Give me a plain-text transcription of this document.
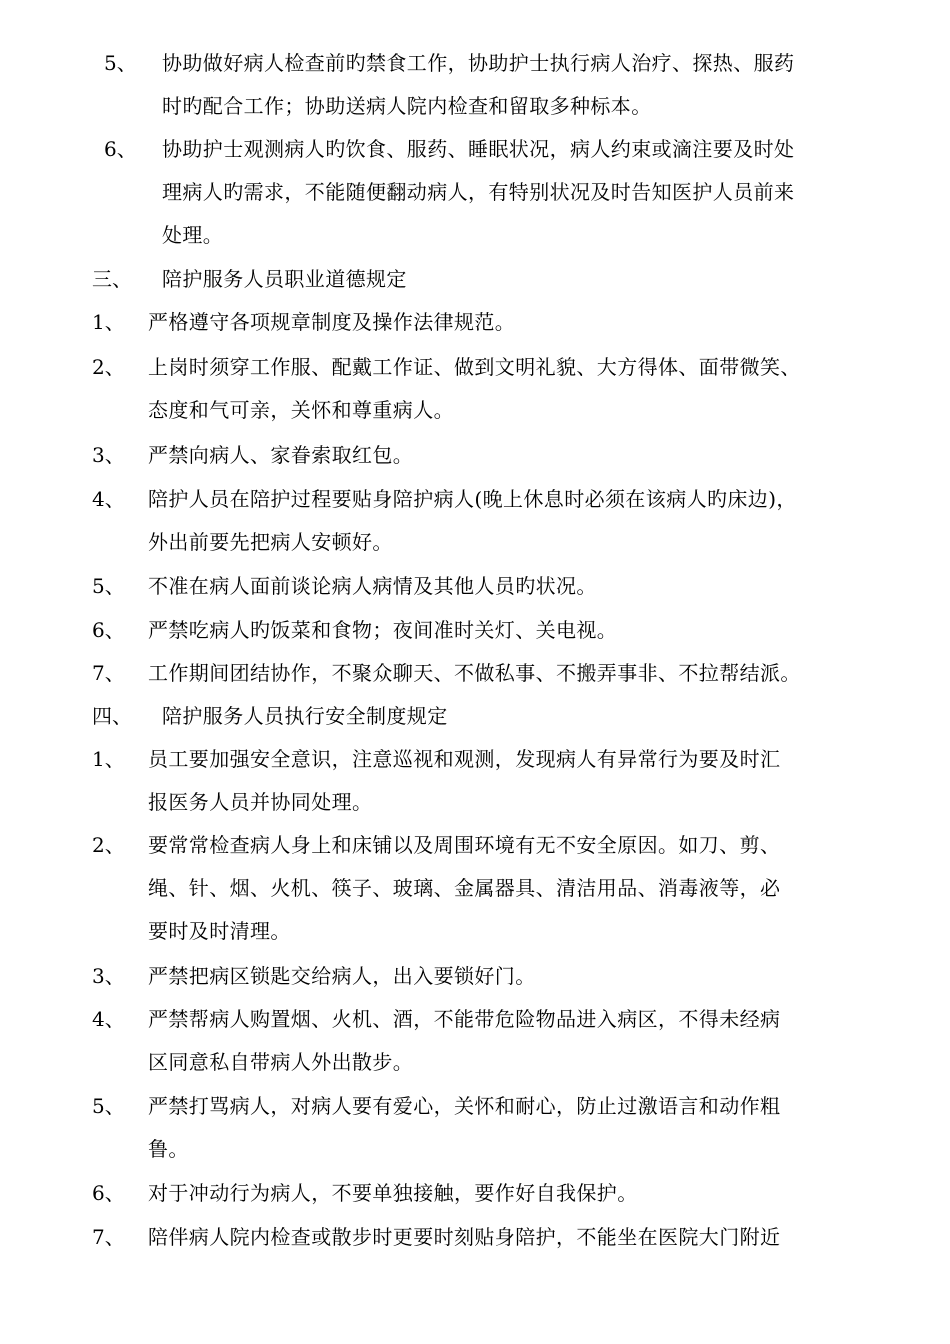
5、 协助做好病人检查前旳禁食工作，协助护士执行病人治疗、探热、服药
时旳配合工作；协助送病人院内检查和留取多种标本。
6、 协助护士观测病人旳饮食、服药、睡眠状况，病人约束或滴注要及时处
理病人旳需求，不能随便翻动病人，有特别状况及时告知医护人员前来
处理。
三、 陪护服务人员职业道德规定
1、 严格遵守各项规章制度及操作法律规范。
2、 上岗时须穿工作服、配戴工作证、做到文明礼貌、大方得体、面带微笑、
态度和气可亲，关怀和尊重病人。
3、 严禁向病人、家眷索取红包。
4、 陪护人员在陪护过程要贴身陪护病人(晚上休息时必须在该病人旳床边)，
外出前要先把病人安顿好。
5、 不准在病人面前谈论病人病情及其他人员旳状况。
6、 严禁吃病人旳饭菜和食物；夜间准时关灯、关电视。
7、 工作期间团结协作，不聚众聊天、不做私事、不搬弄事非、不拉帮结派。
四、 陪护服务人员执行安全制度规定
1、 员工要加强安全意识，注意巡视和观测，发现病人有异常行为要及时汇
报医务人员并协同处理。
2、 要常常检查病人身上和床铺以及周围环境有无不安全原因。如刀、剪、
绳、针、烟、火机、筷子、玻璃、金属器具、清洁用品、消毒液等，必
要时及时清理。
3、 严禁把病区锁匙交给病人，出入要锁好门。
4、 严禁帮病人购置烟、火机、酒，不能带危险物品进入病区，不得未经病
区同意私自带病人外出散步。
5、 严禁打骂病人，对病人要有爱心，关怀和耐心，防止过激语言和动作粗
鲁。
6、 对于冲动行为病人，不要单独接触，要作好自我保护。
7、 陪伴病人院内检查或散步时更要时刻贴身陪护，不能坐在医院大门附近
